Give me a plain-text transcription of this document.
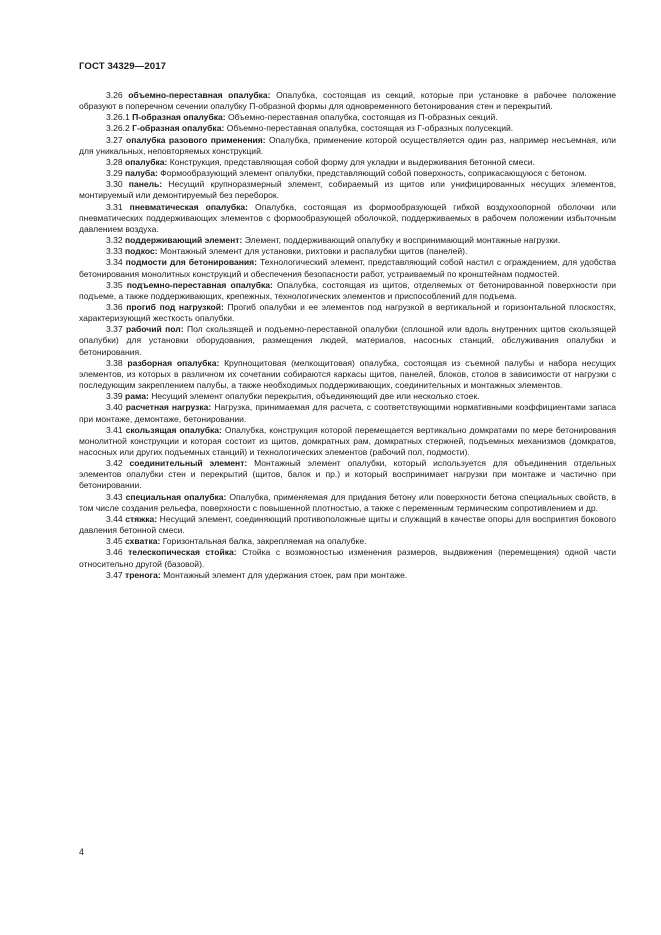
ГОСТ 34329—2017

3.26 объемно-переставная опалубка: Опалубка, состоящая из секций, которые при установке в рабочее положение образуют в поперечном сечении опалубку П-образной формы для одновременного бетонирования стен и перекрытий.

3.26.1 П-образная опалубка: Объемно-переставная опалубка, состоящая из П-образных секций.

3.26.2 Г-образная опалубка: Объемно-переставная опалубка, состоящая из Г-образных полусекций.

3.27 опалубка разового применения: Опалубка, применение которой осуществляется один раз, например несъемная, или для уникальных, неповторяемых конструкций.

3.28 опалубка: Конструкция, представляющая собой форму для укладки и выдерживания бетонной смеси.

3.29 палуба: Формообразующий элемент опалубки, представляющий собой поверхность, соприкасающуюся с бетоном.

3.30 панель: Несущий крупноразмерный элемент, собираемый из щитов или унифицированных несущих элементов, монтируемый или демонтируемый без переборок.

3.31 пневматическая опалубка: Опалубка, состоящая из формообразующей гибкой воздухоопорной оболочки или пневматических поддерживающих элементов с формообразующей оболочкой, поддерживаемых в рабочем положении избыточным давлением воздуха.

3.32 поддерживающий элемент: Элемент, поддерживающий опалубку и воспринимающий монтажные нагрузки.

3.33 подкос: Монтажный элемент для установки, рихтовки и распалубки щитов (панелей).

3.34 подмости для бетонирования: Технологический элемент, представляющий собой настил с ограждением, для удобства бетонирования монолитных конструкций и обеспечения безопасности работ, устраиваемый по кронштейнам подмостей.

3.35 подъемно-переставная опалубка: Опалубка, состоящая из щитов, отделяемых от бетонированной поверхности при подъеме, а также поддерживающих, крепежных, технологических элементов и приспособлений для подъема.

3.36 прогиб под нагрузкой: Прогиб опалубки и ее элементов под нагрузкой в вертикальной и горизонтальной плоскостях, характеризующий жесткость опалубки.

3.37 рабочий пол: Пол скользящей и подъемно-переставной опалубки (сплошной или вдоль внутренних щитов скользящей опалубки) для установки оборудования, размещения людей, материалов, насосных станций, обслуживания опалубки и бетонирования.

3.38 разборная опалубка: Крупнощитовая (мелкощитовая) опалубка, состоящая из съемной палубы и набора несущих элементов, из которых в различном их сочетании собираются каркасы щитов, панелей, блоков, столов в зависимости от нагрузки с последующим закреплением палубы, а также необходимых поддерживающих, соединительных и монтажных элементов.

3.39 рама: Несущий элемент опалубки перекрытия, объединяющий две или несколько стоек.

3.40 расчетная нагрузка: Нагрузка, принимаемая для расчета, с соответствующими нормативными коэффициентами запаса при монтаже, демонтаже, бетонировании.

3.41 скользящая опалубка: Опалубка, конструкция которой перемещается вертикально домкратами по мере бетонирования монолитной конструкции и которая состоит из щитов, домкратных рам, домкратных стержней, подъемных механизмов (домкратов, насосных или других подъемных станций) и технологических элементов (рабочий пол, подмости).

3.42 соединительный элемент: Монтажный элемент опалубки, который используется для объединения отдельных элементов опалубки стен и перекрытий (щитов, балок и пр.) и который воспринимает нагрузки при монтаже и частично при бетонировании.

3.43 специальная опалубка: Опалубка, применяемая для придания бетону или поверхности бетона специальных свойств, в том числе создания рельефа, поверхности с повышенной плотностью, а также с переменным термическим сопротивлением и др.

3.44 стяжка: Несущий элемент, соединяющий противоположные щиты и служащий в качестве опоры для восприятия бокового давления бетонной смеси.

3.45 схватка: Горизонтальная балка, закрепляемая на опалубке.

3.46 телескопическая стойка: Стойка с возможностью изменения размеров, выдвижения (перемещения) одной части относительно другой (базовой).

3.47 тренога: Монтажный элемент для удержания стоек, рам при монтаже.

4
